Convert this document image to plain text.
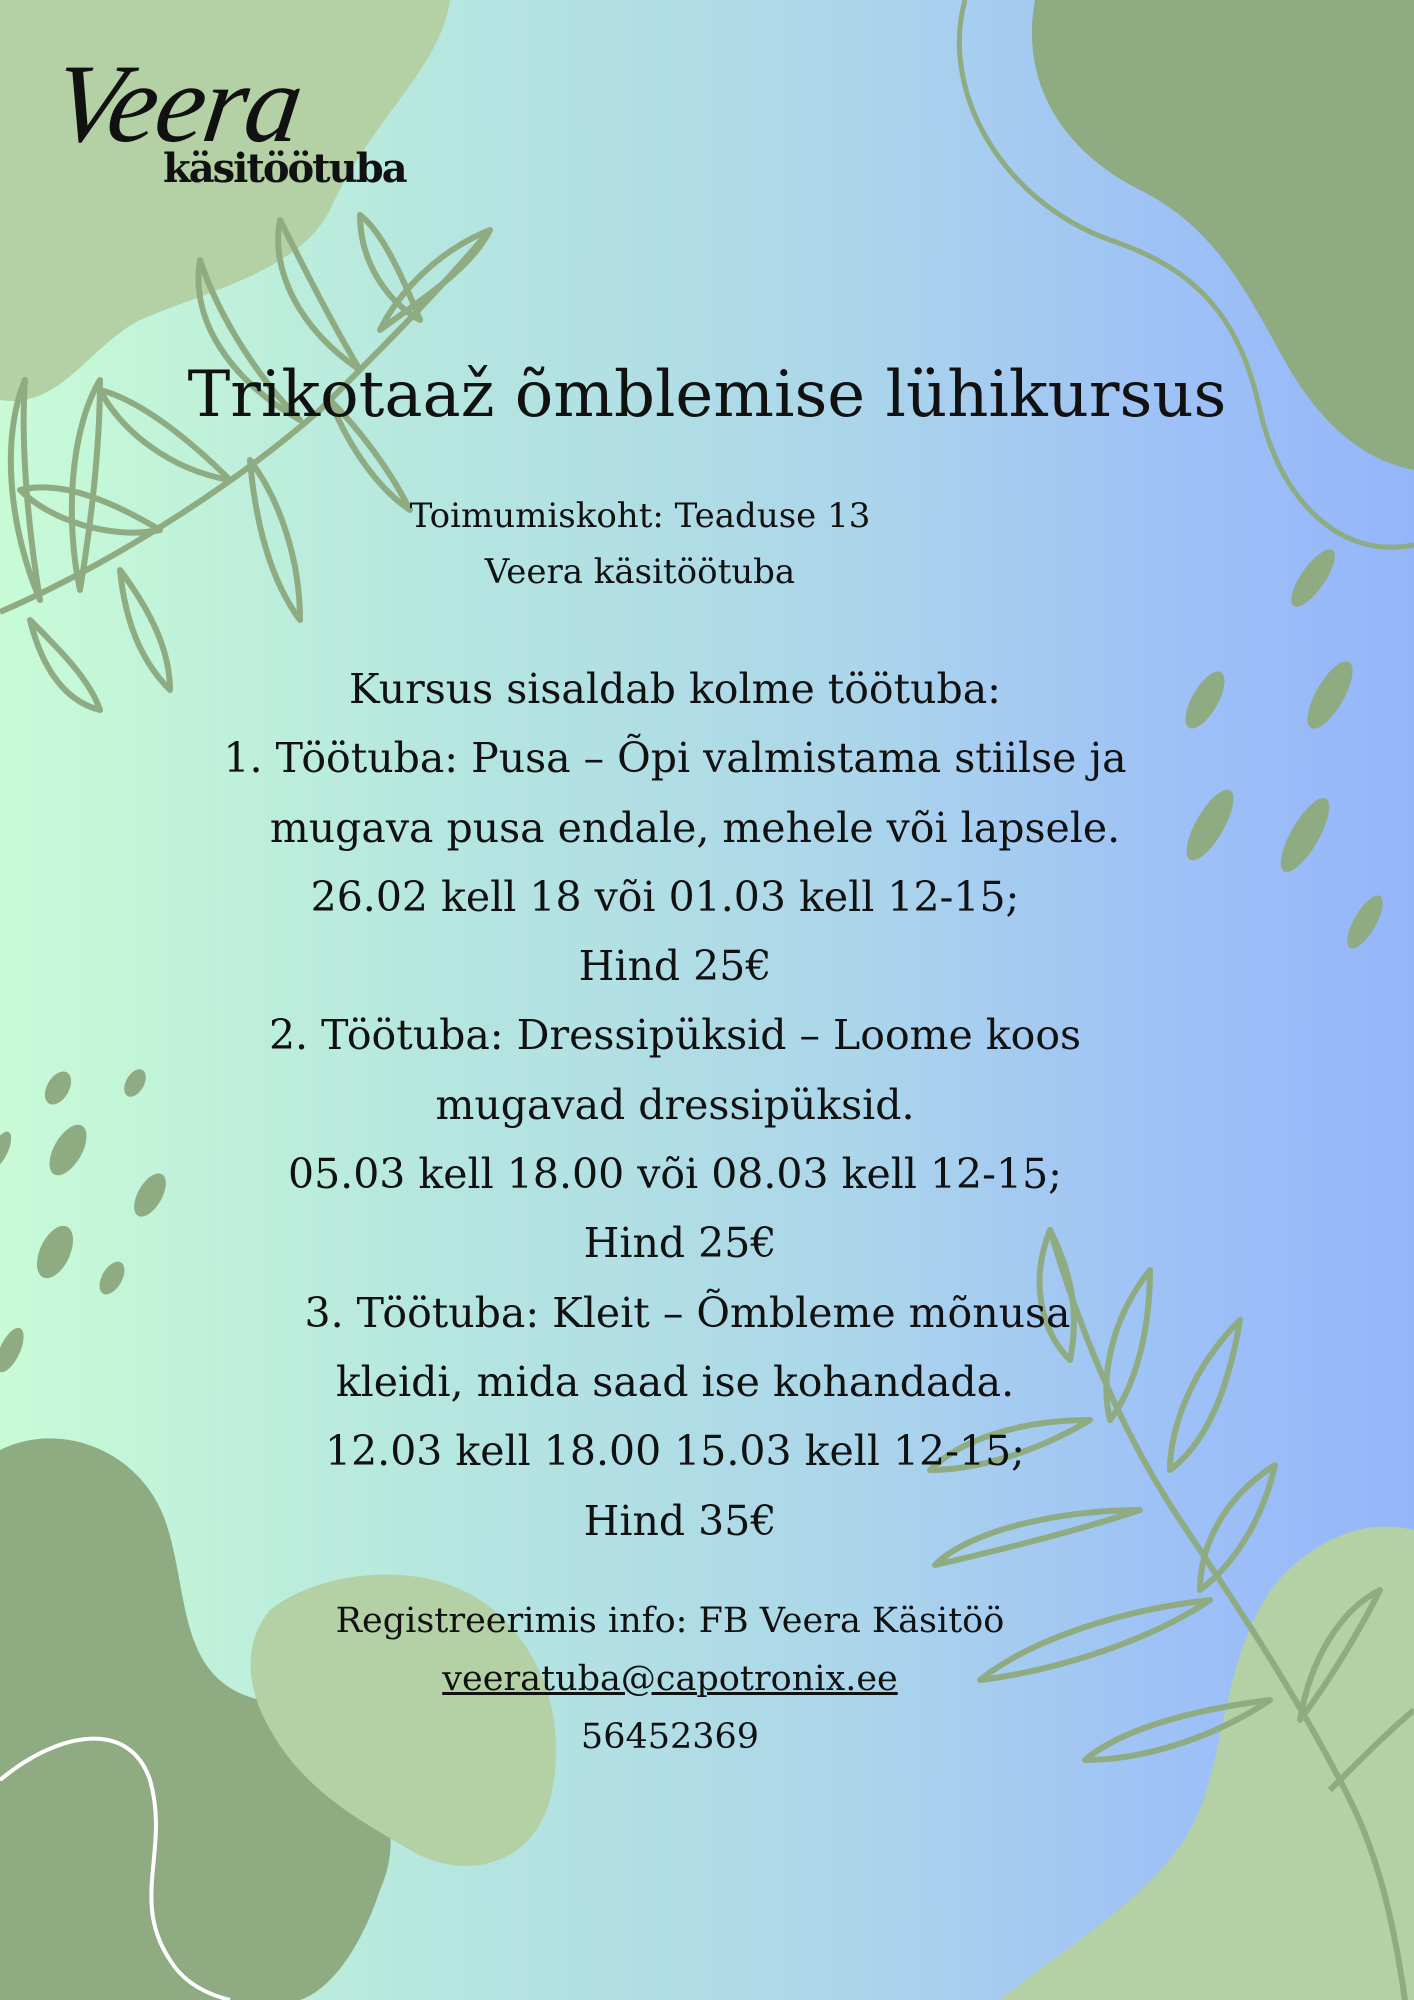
Veera
käsitöötuba
Trikotaaž õmblemise lühikursus
Toimumiskoht: Teaduse 13
Veera käsitöötuba
Kursus sisaldab kolme töötuba:
1. Töötuba: Pusa – Õpi valmistama stiilse ja
mugava pusa endale, mehele või lapsele.
26.02 kell 18 või 01.03 kell 12-15;
Hind 25€
2. Töötuba: Dressipüksid – Loome koos
mugavad dressipüksid.
05.03 kell 18.00 või 08.03 kell 12-15;
Hind 25€
3. Töötuba: Kleit – Õmbleme mõnusa
kleidi, mida saad ise kohandada.
12.03 kell 18.00 15.03 kell 12-15;
Hind 35€
Registreerimis info: FB Veera Käsitöö
veeratuba@capotronix.ee
56452369
